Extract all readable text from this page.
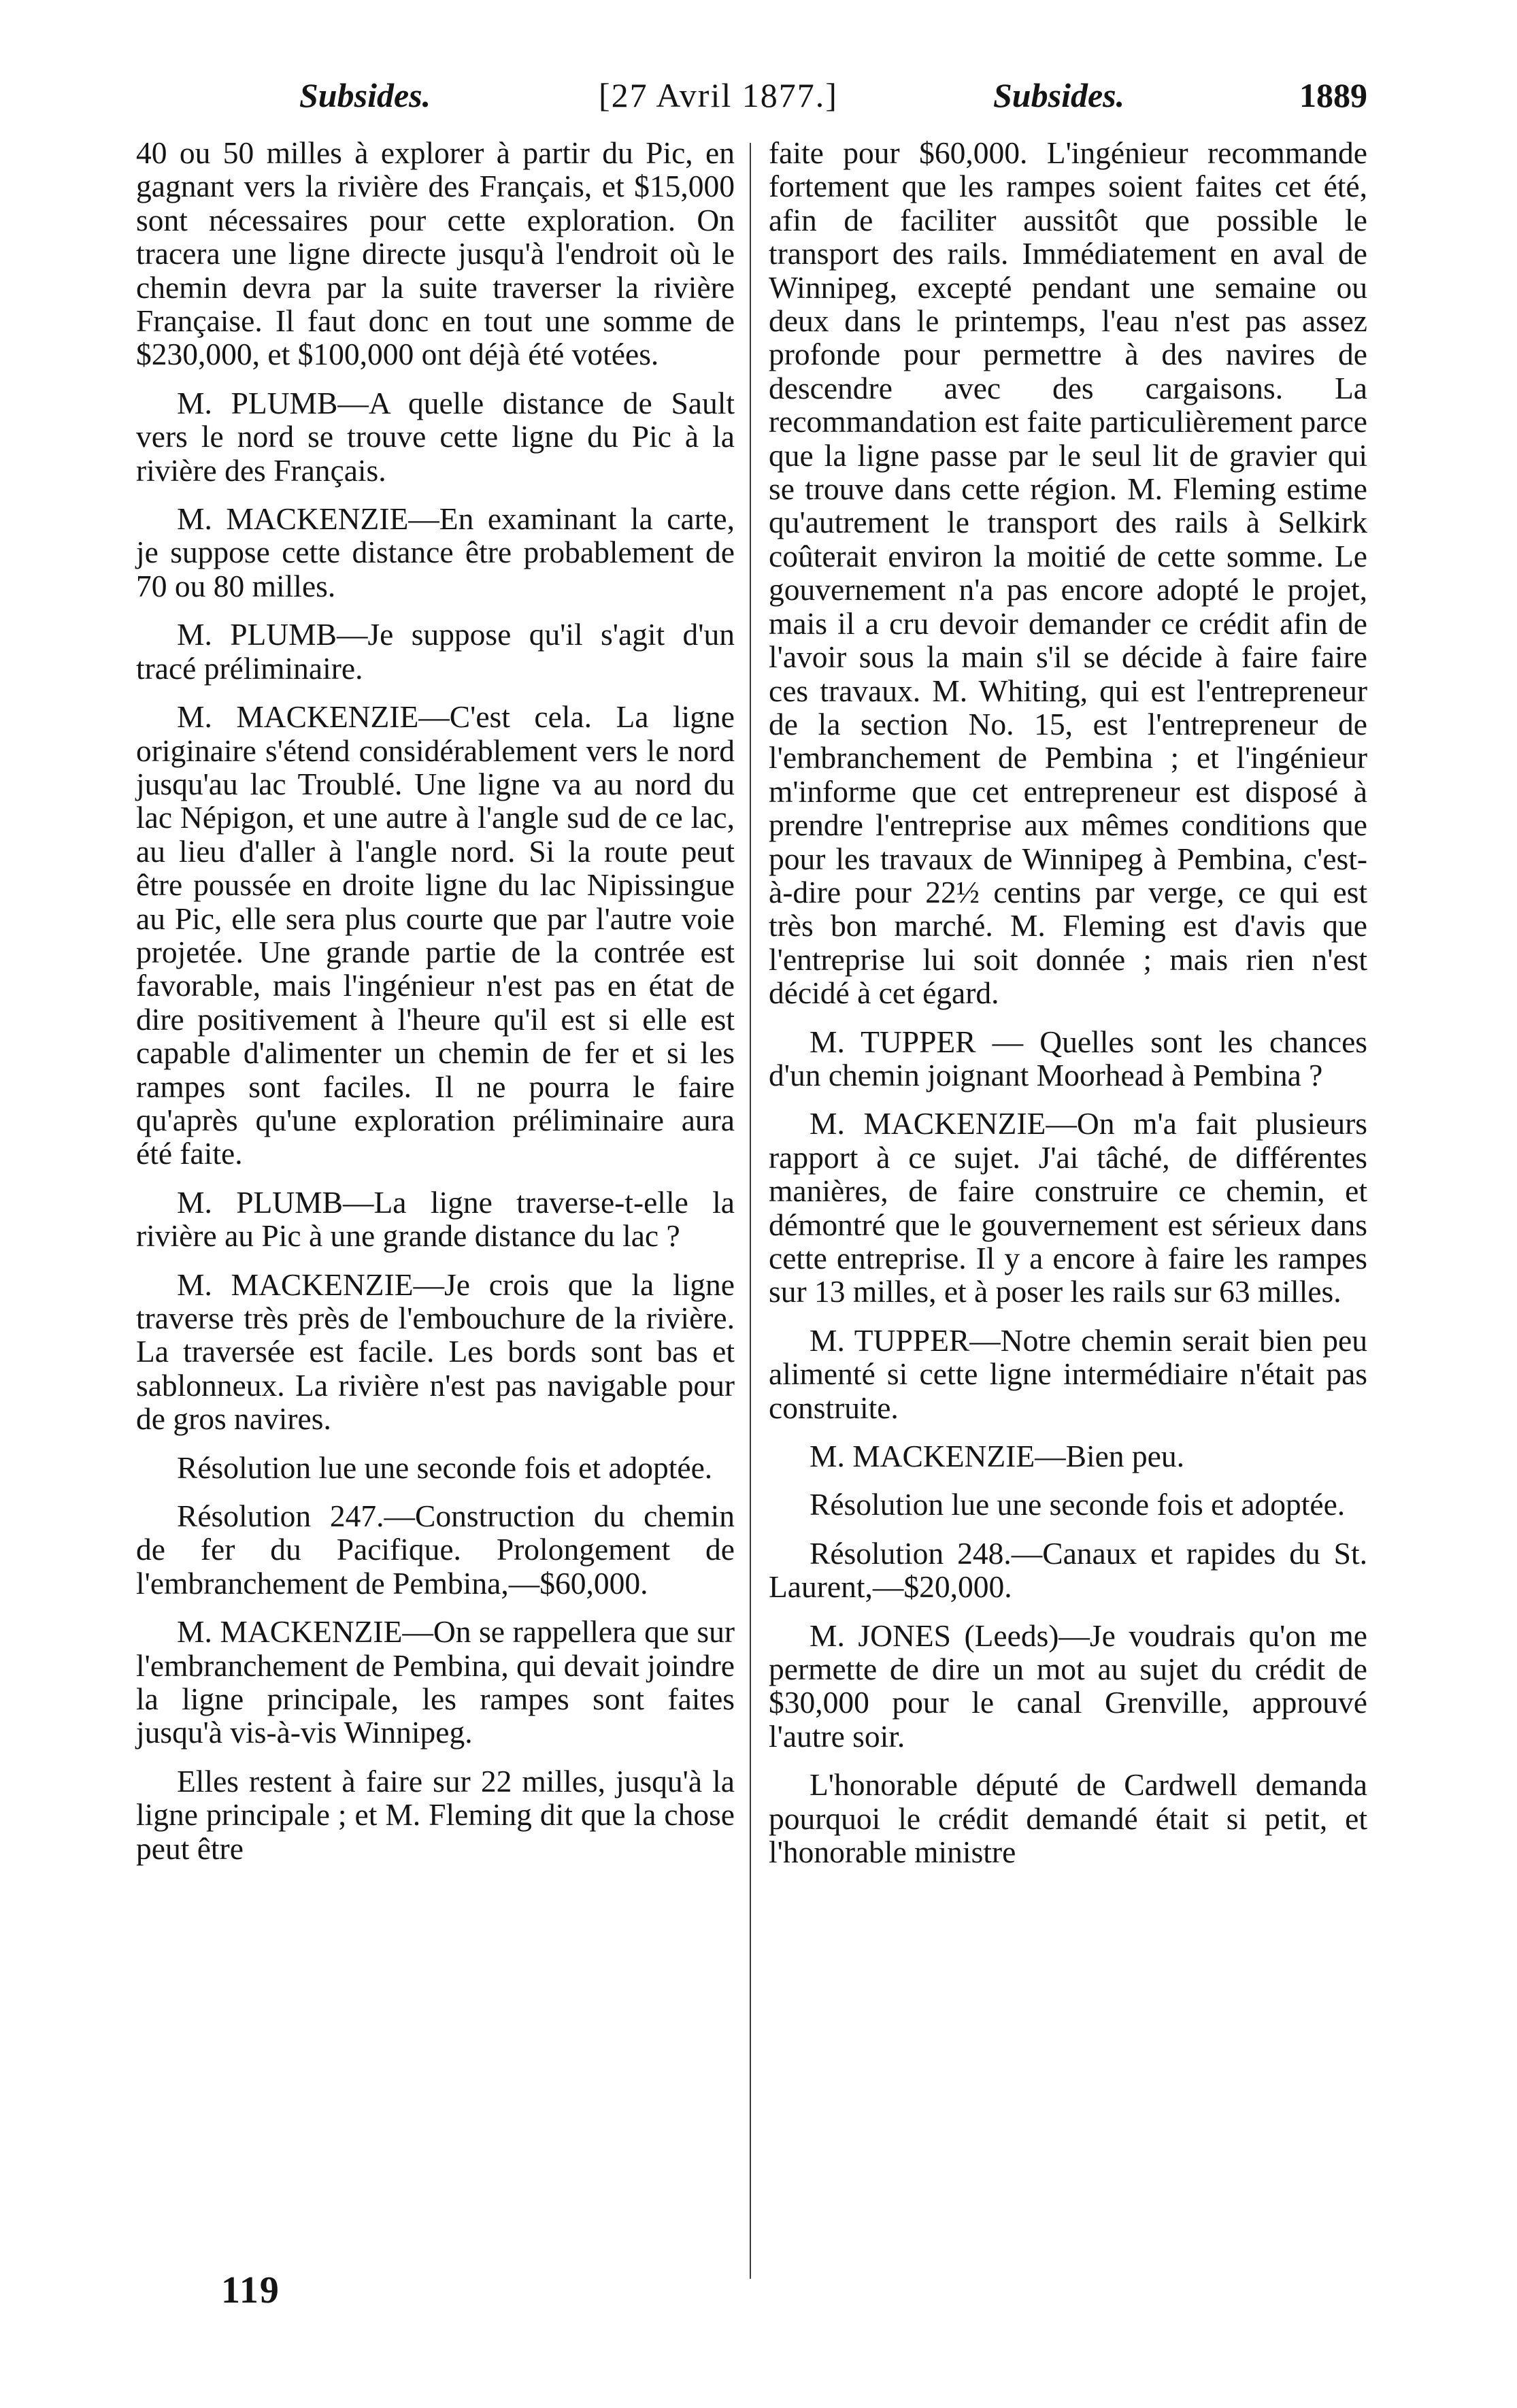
Subsides.	[27 Avril 1877.]	Subsides.	1889

40 ou 50 milles à explorer à partir du Pic, en gagnant vers la rivière des Français, et $15,000 sont nécessaires pour cette exploration. On tracera une ligne directe jusqu'à l'endroit où le chemin devra par la suite traverser la rivière Française. Il faut donc en tout une somme de $230,000, et $100,000 ont déjà été votées.

M. PLUMB—A quelle distance de Sault vers le nord se trouve cette ligne du Pic à la rivière des Français.

M. MACKENZIE—En examinant la carte, je suppose cette distance être probablement de 70 ou 80 milles.

M. PLUMB—Je suppose qu'il s'agit d'un tracé préliminaire.

M. MACKENZIE—C'est cela. La ligne originaire s'étend considérablement vers le nord jusqu'au lac Troublé. Une ligne va au nord du lac Népigon, et une autre à l'angle sud de ce lac, au lieu d'aller à l'angle nord. Si la route peut être poussée en droite ligne du lac Nipissingue au Pic, elle sera plus courte que par l'autre voie projetée. Une grande partie de la contrée est favorable, mais l'ingénieur n'est pas en état de dire positivement à l'heure qu'il est si elle est capable d'alimenter un chemin de fer et si les rampes sont faciles. Il ne pourra le faire qu'après qu'une exploration préliminaire aura été faite.

M. PLUMB—La ligne traverse-t-elle la rivière au Pic à une grande distance du lac ?

M. MACKENZIE—Je crois que la ligne traverse très près de l'embouchure de la rivière. La traversée est facile. Les bords sont bas et sablonneux. La rivière n'est pas navigable pour de gros navires.

Résolution lue une seconde fois et adoptée.

Résolution 247.—Construction du chemin de fer du Pacifique. Prolongement de l'embranchement de Pembina,—$60,000.

M. MACKENZIE—On se rappellera que sur l'embranchement de Pembina, qui devait joindre la ligne principale, les rampes sont faites jusqu'à vis-à-vis Winnipeg.

Elles restent à faire sur 22 milles, jusqu'à la ligne principale ; et M. Fleming dit que la chose peut être

faite pour $60,000. L'ingénieur recommande fortement que les rampes soient faites cet été, afin de faciliter aussitôt que possible le transport des rails. Immédiatement en aval de Winnipeg, excepté pendant une semaine ou deux dans le printemps, l'eau n'est pas assez profonde pour permettre à des navires de descendre avec des cargaisons. La recommandation est faite particulièrement parce que la ligne passe par le seul lit de gravier qui se trouve dans cette région. M. Fleming estime qu'autrement le transport des rails à Selkirk coûterait environ la moitié de cette somme. Le gouvernement n'a pas encore adopté le projet, mais il a cru devoir demander ce crédit afin de l'avoir sous la main s'il se décide à faire faire ces travaux. M. Whiting, qui est l'entrepreneur de la section No. 15, est l'entrepreneur de l'embranchement de Pembina ; et l'ingénieur m'informe que cet entrepreneur est disposé à prendre l'entreprise aux mêmes conditions que pour les travaux de Winnipeg à Pembina, c'est-à-dire pour 22½ centins par verge, ce qui est très bon marché. M. Fleming est d'avis que l'entreprise lui soit donnée ; mais rien n'est décidé à cet égard.

M. TUPPER — Quelles sont les chances d'un chemin joignant Moorhead à Pembina ?

M. MACKENZIE—On m'a fait plusieurs rapport à ce sujet. J'ai tâché, de différentes manières, de faire construire ce chemin, et démontré que le gouvernement est sérieux dans cette entreprise. Il y a encore à faire les rampes sur 13 milles, et à poser les rails sur 63 milles.

M. TUPPER—Notre chemin serait bien peu alimenté si cette ligne intermédiaire n'était pas construite.

M. MACKENZIE—Bien peu.

Résolution lue une seconde fois et adoptée.

Résolution 248.—Canaux et rapides du St. Laurent,—$20,000.

M. JONES (Leeds)—Je voudrais qu'on me permette de dire un mot au sujet du crédit de $30,000 pour le canal Grenville, approuvé l'autre soir.

L'honorable député de Cardwell demanda pourquoi le crédit demandé était si petit, et l'honorable ministre

119
